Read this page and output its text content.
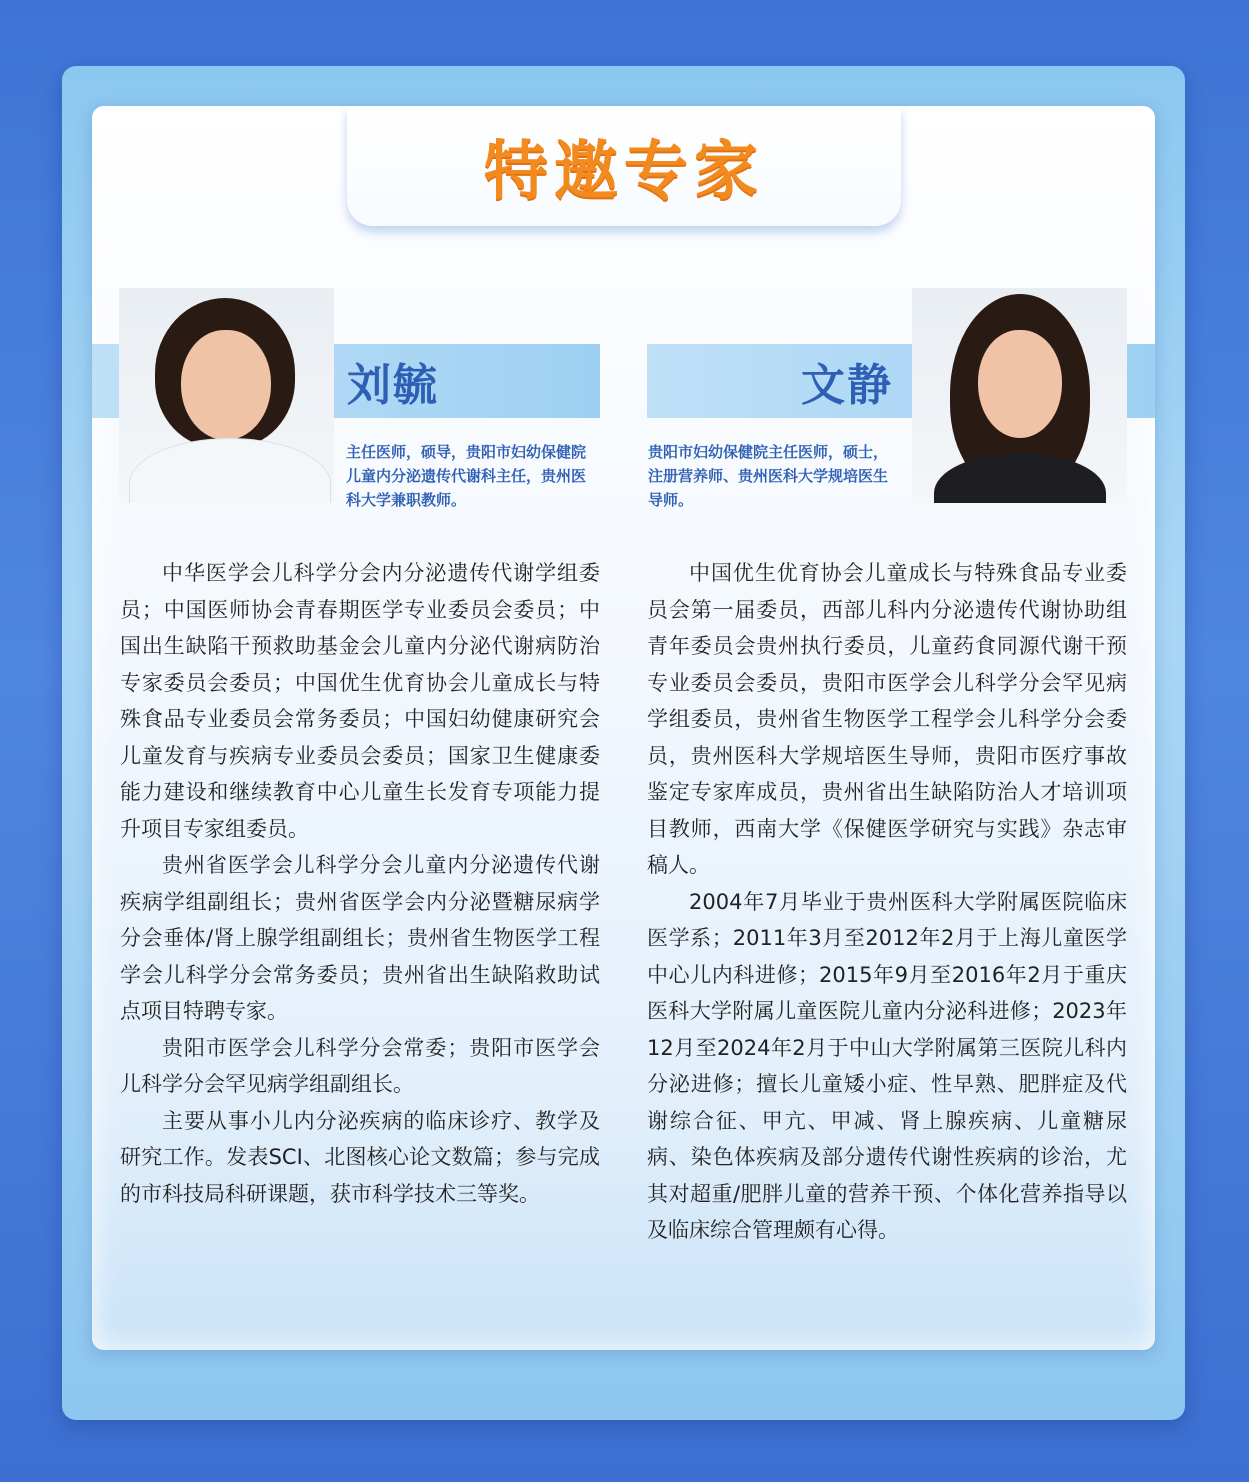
特邀专家
刘毓
主任医师，硕导，贵阳市妇幼保健院儿童内分泌遗传代谢科主任，贵州医科大学兼职教师。

中华医学会儿科学分会内分泌遗传代谢学组委员；中国医师协会青春期医学专业委员会委员；中国出生缺陷干预救助基金会儿童内分泌代谢病防治专家委员会委员；中国优生优育协会儿童成长与特殊食品专业委员会常务委员；中国妇幼健康研究会儿童发育与疾病专业委员会委员；国家卫生健康委能力建设和继续教育中心儿童生长发育专项能力提升项目专家组委员。

贵州省医学会儿科学分会儿童内分泌遗传代谢疾病学组副组长；贵州省医学会内分泌暨糖尿病学分会垂体/肾上腺学组副组长；贵州省生物医学工程学会儿科学分会常务委员；贵州省出生缺陷救助试点项目特聘专家。

贵阳市医学会儿科学分会常委；贵阳市医学会儿科学分会罕见病学组副组长。

主要从事小儿内分泌疾病的临床诊疗、教学及研究工作。发表SCI、北图核心论文数篇；参与完成的市科技局科研课题，获市科学技术三等奖。

文静
贵阳市妇幼保健院主任医师，硕士，注册营养师、贵州医科大学规培医生导师。

中国优生优育协会儿童成长与特殊食品专业委员会第一届委员，西部儿科内分泌遗传代谢协助组青年委员会贵州执行委员，儿童药食同源代谢干预专业委员会委员，贵阳市医学会儿科学分会罕见病学组委员，贵州省生物医学工程学会儿科学分会委员，贵州医科大学规培医生导师，贵阳市医疗事故鉴定专家库成员，贵州省出生缺陷防治人才培训项目教师，西南大学《保健医学研究与实践》杂志审稿人。

2004年7月毕业于贵州医科大学附属医院临床医学系；2011年3月至2012年2月于上海儿童医学中心儿内科进修；2015年9月至2016年2月于重庆医科大学附属儿童医院儿童内分泌科进修；2023年12月至2024年2月于中山大学附属第三医院儿科内分泌进修；擅长儿童矮小症、性早熟、肥胖症及代谢综合征、甲亢、甲减、肾上腺疾病、儿童糖尿病、染色体疾病及部分遗传代谢性疾病的诊治，尤其对超重/肥胖儿童的营养干预、个体化营养指导以及临床综合管理颇有心得。
